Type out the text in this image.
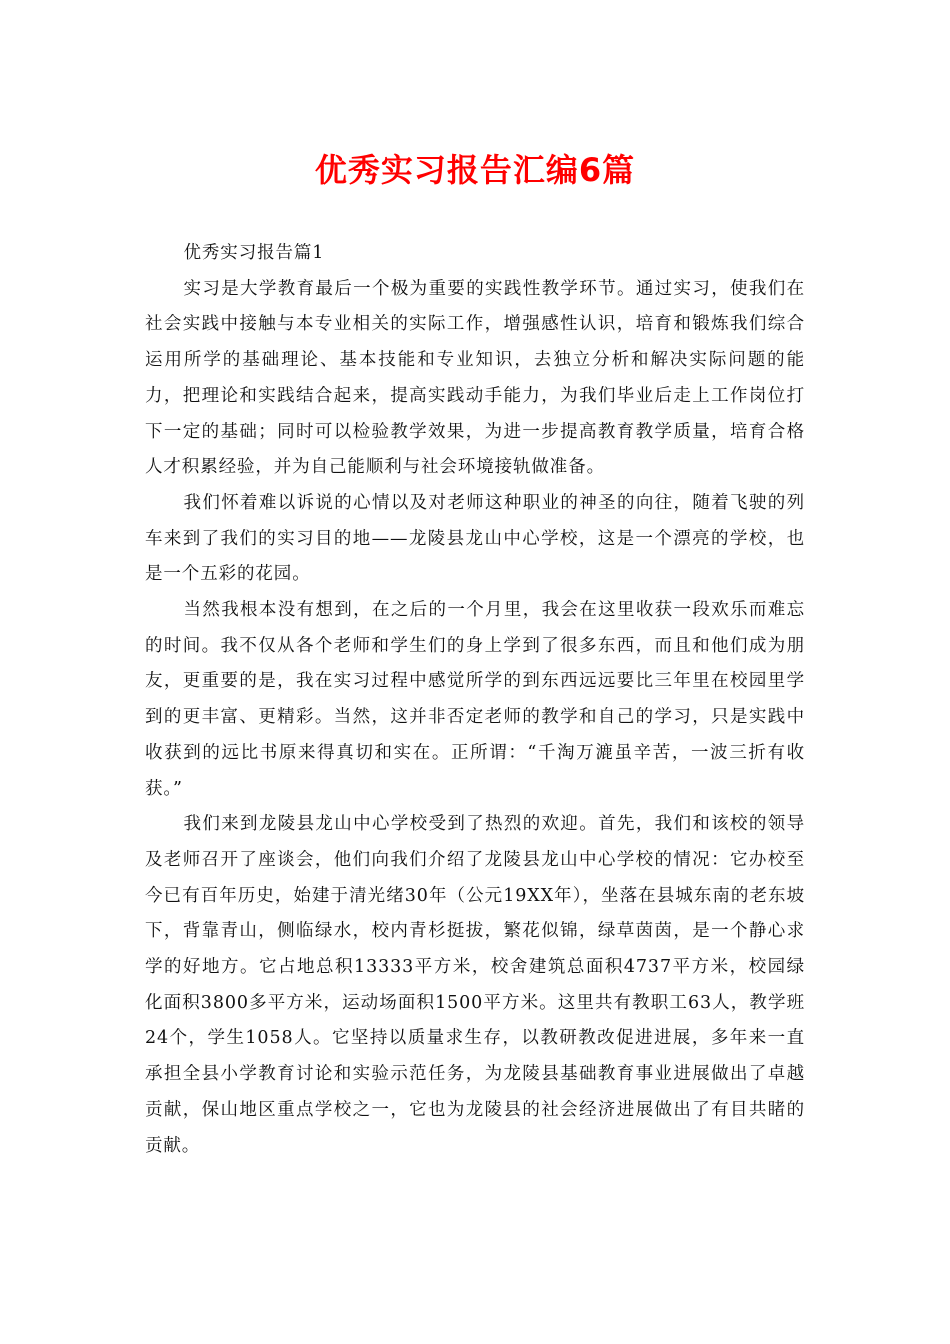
优秀实习报告汇编6篇

优秀实习报告篇1

实习是大学教育最后一个极为重要的实践性教学环节。通过实习，使我们在社会实践中接触与本专业相关的实际工作，增强感性认识，培育和锻炼我们综合运用所学的基础理论、基本技能和专业知识，去独立分析和解决实际问题的能力，把理论和实践结合起来，提高实践动手能力，为我们毕业后走上工作岗位打下一定的基础；同时可以检验教学效果，为进一步提高教育教学质量，培育合格人才积累经验，并为自己能顺利与社会环境接轨做准备。

我们怀着难以诉说的心情以及对老师这种职业的神圣的向往，随着飞驶的列车来到了我们的实习目的地——龙陵县龙山中心学校，这是一个漂亮的学校，也是一个五彩的花园。

当然我根本没有想到，在之后的一个月里，我会在这里收获一段欢乐而难忘的时间。我不仅从各个老师和学生们的身上学到了很多东西，而且和他们成为朋友，更重要的是，我在实习过程中感觉所学的到东西远远要比三年里在校园里学到的更丰富、更精彩。当然，这并非否定老师的教学和自己的学习，只是实践中收获到的远比书原来得真切和实在。正所谓：“千淘万漉虽辛苦，一波三折有收获。”

我们来到龙陵县龙山中心学校受到了热烈的欢迎。首先，我们和该校的领导及老师召开了座谈会，他们向我们介绍了龙陵县龙山中心学校的情况：它办校至今已有百年历史，始建于清光绪30年（公元19XX年），坐落在县城东南的老东坡下，背靠青山，侧临绿水，校内青杉挺拔，繁花似锦，绿草茵茵，是一个静心求学的好地方。它占地总积13333平方米，校舍建筑总面积4737平方米，校园绿化面积3800多平方米，运动场面积1500平方米。这里共有教职工63人，教学班24个，学生1058人。它坚持以质量求生存，以教研教改促进进展，多年来一直承担全县小学教育讨论和实验示范任务，为龙陵县基础教育事业进展做出了卓越贡献，保山地区重点学校之一，它也为龙陵县的社会经济进展做出了有目共睹的贡献。
